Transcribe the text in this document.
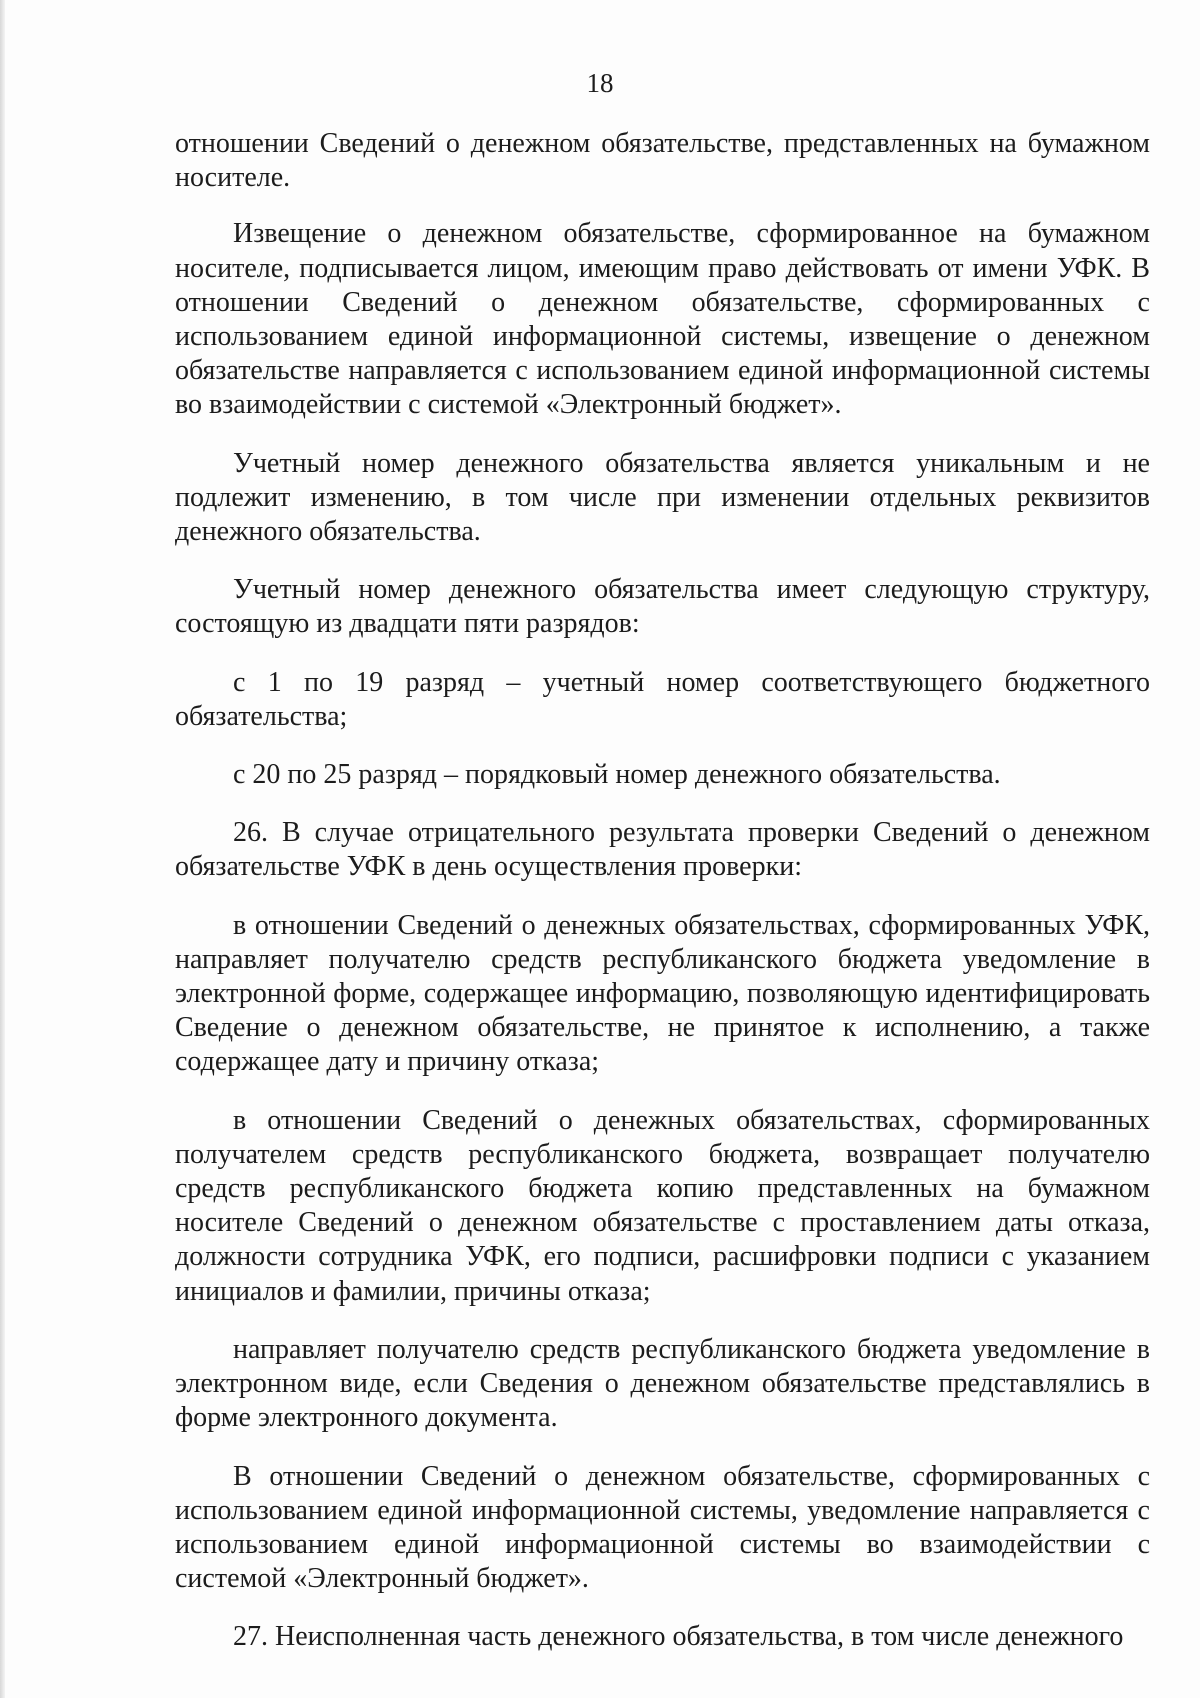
18

отношении Сведений о денежном обязательстве, представленных на бумажном носителе.

Извещение о денежном обязательстве, сформированное на бумажном носителе, подписывается лицом, имеющим право действовать от имени УФК. В отношении Сведений о денежном обязательстве, сформированных с использованием единой информационной системы, извещение о денежном обязательстве направляется с использованием единой информационной системы во взаимодействии с системой «Электронный бюджет».

Учетный номер денежного обязательства является уникальным и не подлежит изменению, в том числе при изменении отдельных реквизитов денежного обязательства.

Учетный номер денежного обязательства имеет следующую структуру, состоящую из двадцати пяти разрядов:

с 1 по 19 разряд – учетный номер соответствующего бюджетного обязательства;

с 20 по 25 разряд – порядковый номер денежного обязательства.

26. В случае отрицательного результата проверки Сведений о денежном обязательстве УФК в день осуществления проверки:

в отношении Сведений о денежных обязательствах, сформированных УФК, направляет получателю средств республиканского бюджета уведомление в электронной форме, содержащее информацию, позволяющую идентифицировать Сведение о денежном обязательстве, не принятое к исполнению, а также содержащее дату и причину отказа;

в отношении Сведений о денежных обязательствах, сформированных получателем средств республиканского бюджета, возвращает получателю средств республиканского бюджета копию представленных на бумажном носителе Сведений о денежном обязательстве с проставлением даты отказа, должности сотрудника УФК, его подписи, расшифровки подписи с указанием инициалов и фамилии, причины отказа;

направляет получателю средств республиканского бюджета уведомление в электронном виде, если Сведения о денежном обязательстве представлялись в форме электронного документа.

В отношении Сведений о денежном обязательстве, сформированных с использованием единой информационной системы, уведомление направляется с использованием единой информационной системы во взаимодействии с системой «Электронный бюджет».

27. Неисполненная часть денежного обязательства, в том числе денежного
